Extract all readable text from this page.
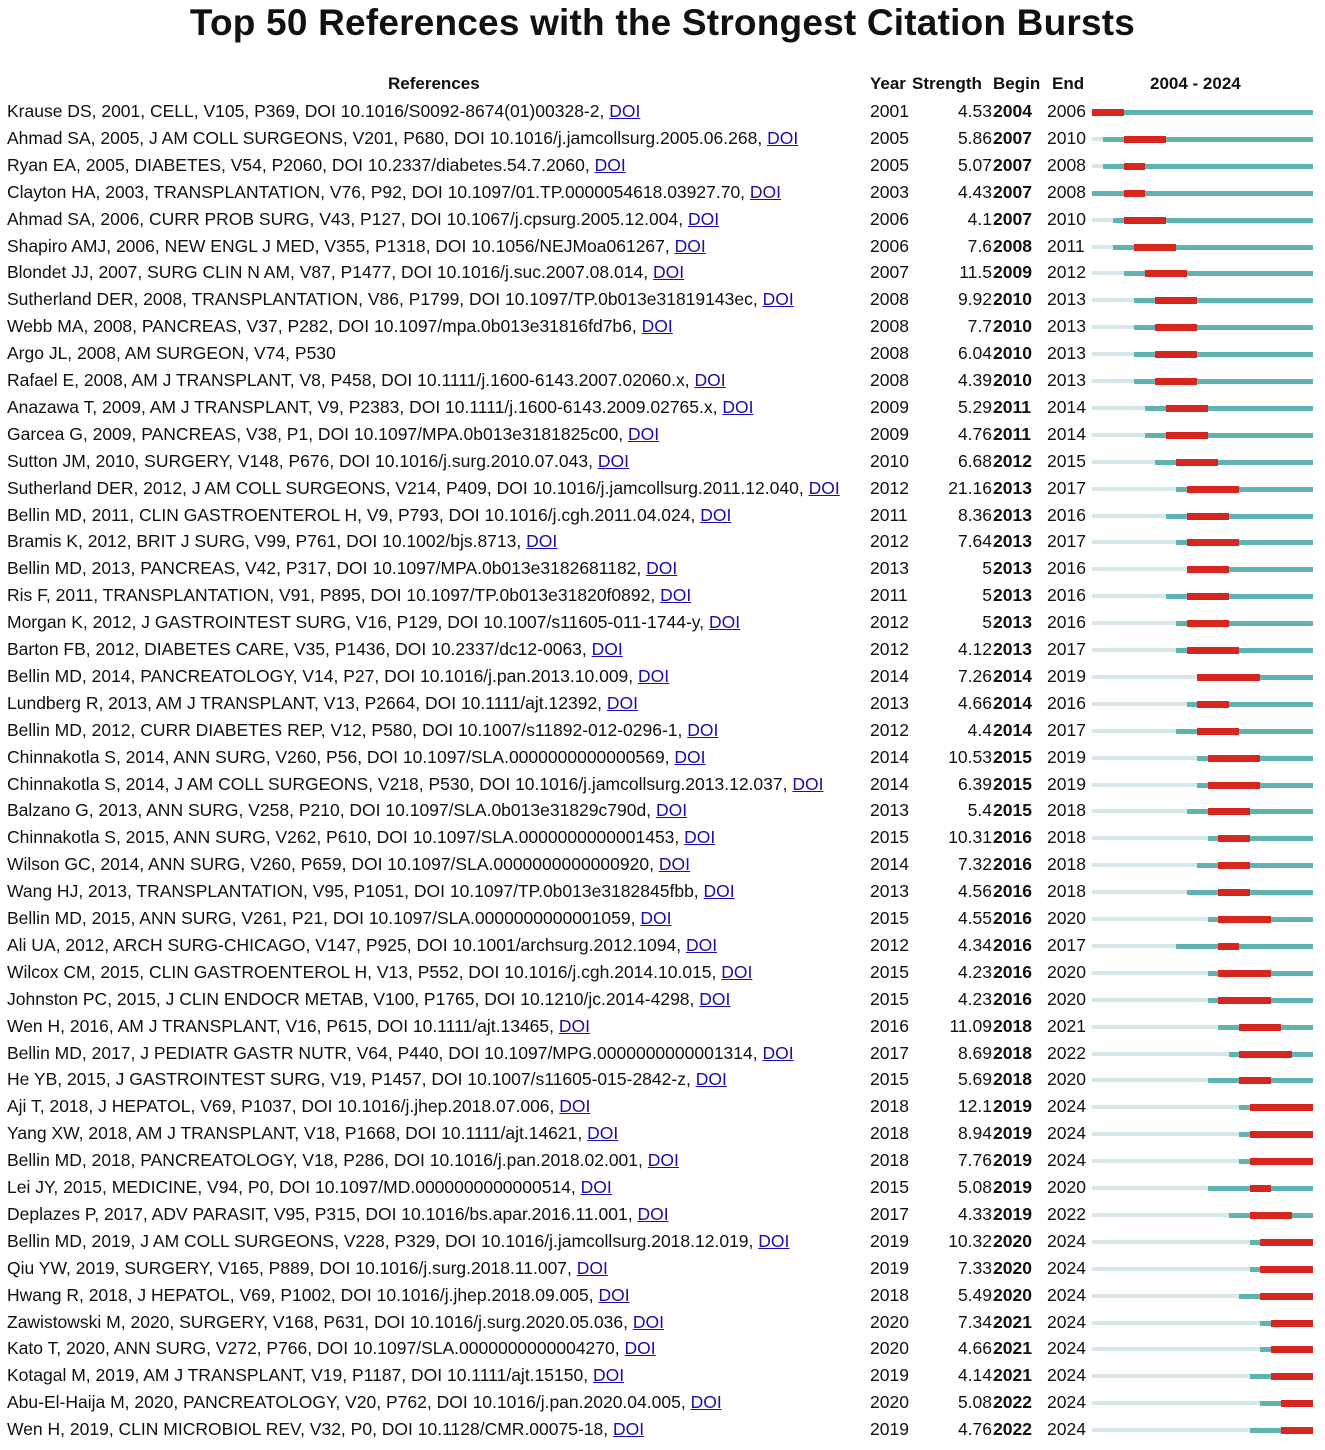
Top 50 References with the Strongest Citation Bursts
References	Year Strength Begin End	2004 - 2024
Krause DS, 2001, CELL, V105, P369, DOI 10.1016/S0092-8674(01)00328-2, DOI	2001	4.53 2004 2006
Ahmad SA, 2005, J AM COLL SURGEONS, V201, P680, DOI 10.1016/j.jamcollsurg.2005.06.268, DOI	2005	5.86 2007 2010
Ryan EA, 2005, DIABETES, V54, P2060, DOI 10.2337/diabetes.54.7.2060, DOI	2005	5.07 2007 2008
Clayton HA, 2003, TRANSPLANTATION, V76, P92, DOI 10.1097/01.TP.0000054618.03927.70, DOI	2003	4.43 2007 2008
Ahmad SA, 2006, CURR PROB SURG, V43, P127, DOI 10.1067/j.cpsurg.2005.12.004, DOI	2006	4.1 2007 2010
Shapiro AMJ, 2006, NEW ENGL J MED, V355, P1318, DOI 10.1056/NEJMoa061267, DOI	2006	7.6 2008 2011
Blondet JJ, 2007, SURG CLIN N AM, V87, P1477, DOI 10.1016/j.suc.2007.08.014, DOI	2007	11.5 2009 2012
Sutherland DER, 2008, TRANSPLANTATION, V86, P1799, DOI 10.1097/TP.0b013e31819143ec, DOI	2008	9.92 2010 2013
Webb MA, 2008, PANCREAS, V37, P282, DOI 10.1097/mpa.0b013e31816fd7b6, DOI	2008	7.7 2010 2013
Argo JL, 2008, AM SURGEON, V74, P530	2008	6.04 2010 2013
Rafael E, 2008, AM J TRANSPLANT, V8, P458, DOI 10.1111/j.1600-6143.2007.02060.x, DOI	2008	4.39 2010 2013
Anazawa T, 2009, AM J TRANSPLANT, V9, P2383, DOI 10.1111/j.1600-6143.2009.02765.x, DOI	2009	5.29 2011 2014
Garcea G, 2009, PANCREAS, V38, P1, DOI 10.1097/MPA.0b013e3181825c00, DOI	2009	4.76 2011 2014
Sutton JM, 2010, SURGERY, V148, P676, DOI 10.1016/j.surg.2010.07.043, DOI	2010	6.68 2012 2015
Sutherland DER, 2012, J AM COLL SURGEONS, V214, P409, DOI 10.1016/j.jamcollsurg.2011.12.040, DOI	2012	21.16 2013 2017
Bellin MD, 2011, CLIN GASTROENTEROL H, V9, P793, DOI 10.1016/j.cgh.2011.04.024, DOI	2011	8.36 2013 2016
Bramis K, 2012, BRIT J SURG, V99, P761, DOI 10.1002/bjs.8713, DOI	2012	7.64 2013 2017
Bellin MD, 2013, PANCREAS, V42, P317, DOI 10.1097/MPA.0b013e3182681182, DOI	2013	5 2013 2016
Ris F, 2011, TRANSPLANTATION, V91, P895, DOI 10.1097/TP.0b013e31820f0892, DOI	2011	5 2013 2016
Morgan K, 2012, J GASTROINTEST SURG, V16, P129, DOI 10.1007/s11605-011-1744-y, DOI	2012	5 2013 2016
Barton FB, 2012, DIABETES CARE, V35, P1436, DOI 10.2337/dc12-0063, DOI	2012	4.12 2013 2017
Bellin MD, 2014, PANCREATOLOGY, V14, P27, DOI 10.1016/j.pan.2013.10.009, DOI	2014	7.26 2014 2019
Lundberg R, 2013, AM J TRANSPLANT, V13, P2664, DOI 10.1111/ajt.12392, DOI	2013	4.66 2014 2016
Bellin MD, 2012, CURR DIABETES REP, V12, P580, DOI 10.1007/s11892-012-0296-1, DOI	2012	4.4 2014 2017
Chinnakotla S, 2014, ANN SURG, V260, P56, DOI 10.1097/SLA.0000000000000569, DOI	2014	10.53 2015 2019
Chinnakotla S, 2014, J AM COLL SURGEONS, V218, P530, DOI 10.1016/j.jamcollsurg.2013.12.037, DOI	2014	6.39 2015 2019
Balzano G, 2013, ANN SURG, V258, P210, DOI 10.1097/SLA.0b013e31829c790d, DOI	2013	5.4 2015 2018
Chinnakotla S, 2015, ANN SURG, V262, P610, DOI 10.1097/SLA.0000000000001453, DOI	2015	10.31 2016 2018
Wilson GC, 2014, ANN SURG, V260, P659, DOI 10.1097/SLA.0000000000000920, DOI	2014	7.32 2016 2018
Wang HJ, 2013, TRANSPLANTATION, V95, P1051, DOI 10.1097/TP.0b013e3182845fbb, DOI	2013	4.56 2016 2018
Bellin MD, 2015, ANN SURG, V261, P21, DOI 10.1097/SLA.0000000000001059, DOI	2015	4.55 2016 2020
Ali UA, 2012, ARCH SURG-CHICAGO, V147, P925, DOI 10.1001/archsurg.2012.1094, DOI	2012	4.34 2016 2017
Wilcox CM, 2015, CLIN GASTROENTEROL H, V13, P552, DOI 10.1016/j.cgh.2014.10.015, DOI	2015	4.23 2016 2020
Johnston PC, 2015, J CLIN ENDOCR METAB, V100, P1765, DOI 10.1210/jc.2014-4298, DOI	2015	4.23 2016 2020
Wen H, 2016, AM J TRANSPLANT, V16, P615, DOI 10.1111/ajt.13465, DOI	2016	11.09 2018 2021
Bellin MD, 2017, J PEDIATR GASTR NUTR, V64, P440, DOI 10.1097/MPG.0000000000001314, DOI	2017	8.69 2018 2022
He YB, 2015, J GASTROINTEST SURG, V19, P1457, DOI 10.1007/s11605-015-2842-z, DOI	2015	5.69 2018 2020
Aji T, 2018, J HEPATOL, V69, P1037, DOI 10.1016/j.jhep.2018.07.006, DOI	2018	12.1 2019 2024
Yang XW, 2018, AM J TRANSPLANT, V18, P1668, DOI 10.1111/ajt.14621, DOI	2018	8.94 2019 2024
Bellin MD, 2018, PANCREATOLOGY, V18, P286, DOI 10.1016/j.pan.2018.02.001, DOI	2018	7.76 2019 2024
Lei JY, 2015, MEDICINE, V94, P0, DOI 10.1097/MD.0000000000000514, DOI	2015	5.08 2019 2020
Deplazes P, 2017, ADV PARASIT, V95, P315, DOI 10.1016/bs.apar.2016.11.001, DOI	2017	4.33 2019 2022
Bellin MD, 2019, J AM COLL SURGEONS, V228, P329, DOI 10.1016/j.jamcollsurg.2018.12.019, DOI	2019	10.32 2020 2024
Qiu YW, 2019, SURGERY, V165, P889, DOI 10.1016/j.surg.2018.11.007, DOI	2019	7.33 2020 2024
Hwang R, 2018, J HEPATOL, V69, P1002, DOI 10.1016/j.jhep.2018.09.005, DOI	2018	5.49 2020 2024
Zawistowski M, 2020, SURGERY, V168, P631, DOI 10.1016/j.surg.2020.05.036, DOI	2020	7.34 2021 2024
Kato T, 2020, ANN SURG, V272, P766, DOI 10.1097/SLA.0000000000004270, DOI	2020	4.66 2021 2024
Kotagal M, 2019, AM J TRANSPLANT, V19, P1187, DOI 10.1111/ajt.15150, DOI	2019	4.14 2021 2024
Abu-El-Haija M, 2020, PANCREATOLOGY, V20, P762, DOI 10.1016/j.pan.2020.04.005, DOI	2020	5.08 2022 2024
Wen H, 2019, CLIN MICROBIOL REV, V32, P0, DOI 10.1128/CMR.00075-18, DOI	2019	4.76 2022 2024
